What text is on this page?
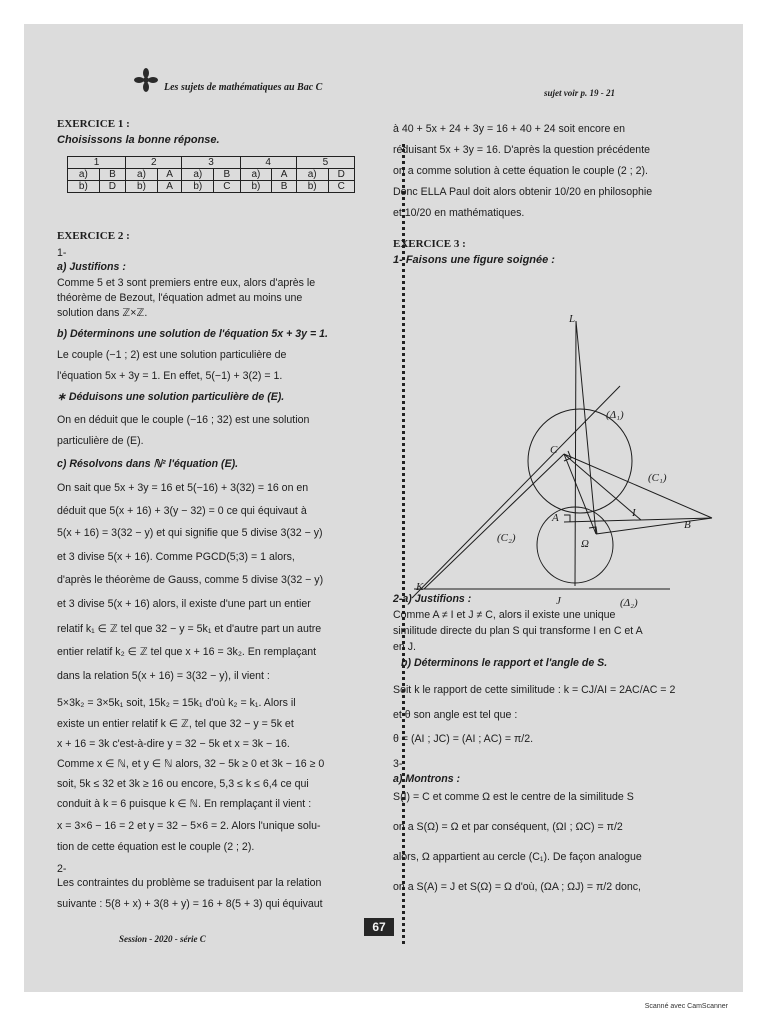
Les sujets de mathématiques au Bac C	sujet voir p. 19 - 21
EXERCICE 1 :
Choisissons la bonne réponse.
1		2		3		4		5	
a)	B	a)	A	a)	B	a)	A	a)	D
b)	D	b)	A	b)	C	b)	B	b)	C
EXERCICE 2 :
1-
a) Justifions :
Comme 5 et 3 sont premiers entre eux, alors d'après le
théorème de Bezout, l'équation admet au moins une
solution dans ℤ×ℤ.
b) Déterminons une solution de l'équation 5x + 3y = 1.
Le couple (−1 ; 2) est une solution particulière de
l'équation 5x + 3y = 1. En effet, 5(−1) + 3(2) = 1.
∗ Déduisons une solution particulière de (E).
On en déduit que le couple (−16 ; 32) est une solution
particulière de (E).
c) Résolvons dans ℕ² l'équation (E).
On sait que 5x + 3y = 16 et 5(−16) + 3(32) = 16 on en
déduit que 5(x + 16) + 3(y − 32) = 0 ce qui équivaut à
5(x + 16) = 3(32 − y) et qui signifie que 5 divise 3(32 − y)
et 3 divise 5(x + 16). Comme PGCD(5;3) = 1 alors,
d'après le théorème de Gauss, comme 5 divise 3(32 − y)
et 3 divise 5(x + 16) alors, il existe d'une part un entier
relatif k₁ ∈ ℤ tel que 32 − y = 5k₁ et d'autre part un autre
entier relatif k₂ ∈ ℤ tel que x + 16 = 3k₂. En remplaçant
dans la relation 5(x + 16) = 3(32 − y), il vient :
5×3k₂ = 3×5k₁ soit, 15k₂ = 15k₁ d'où k₂ = k₁. Alors il
existe un entier relatif k ∈ ℤ, tel que 32 − y = 5k et
x + 16 = 3k c'est-à-dire y = 32 − 5k et x = 3k − 16.
Comme x ∈ ℕ, et y ∈ ℕ alors, 32 − 5k ≥ 0 et 3k − 16 ≥ 0
soit, 5k ≤ 32 et 3k ≥ 16 ou encore, 5,3 ≤ k ≤ 6,4 ce qui
conduit à k = 6 puisque k ∈ ℕ. En remplaçant il vient :
x = 3×6 − 16 = 2 et y = 32 − 5×6 = 2. Alors l'unique solu-
tion de cette équation est le couple (2 ; 2).
2-
Les contraintes du problème se traduisent par la relation
suivante : 5(8 + x) + 3(8 + y) = 16 + 8(5 + 3) qui équivaut
à 40 + 5x + 24 + 3y = 16 + 40 + 24 soit encore en
réduisant 5x + 3y = 16. D'après la question précédente
on a comme solution à cette équation le couple (2 ; 2).
Donc ELLA Paul doit alors obtenir 10/20 en philosophie
et 10/20 en mathématiques.
EXERCICE 3 :
1- Faisons une figure soignée :
2-a) Justifions :
Comme A ≠ I et J ≠ C, alors il existe une unique
similitude directe du plan S qui transforme I en C et A
en J.
b) Déterminons le rapport et l'angle de S.
Soit k le rapport de cette similitude : k = CJ/AI = 2AC/AC = 2
et θ son angle est tel que :
θ = (AI ; JC) = (AI ; AC) = π/2.
3-
a) Montrons :
S(I) = C et comme Ω est le centre de la similitude S
on a S(Ω) = Ω et par conséquent, (ΩI ; ΩC) = π/2
alors, Ω appartient au cercle (C₁). De façon analogue
on a S(A) = J et S(Ω) = Ω d'où, (ΩA ; ΩJ) = π/2 donc,
L
(Δ₁)
C
(C₁)
A	I
B
(C₂)	Ω
K
J	(Δ₂)
Session - 2020 - série C
67
Scanné avec CamScanner
